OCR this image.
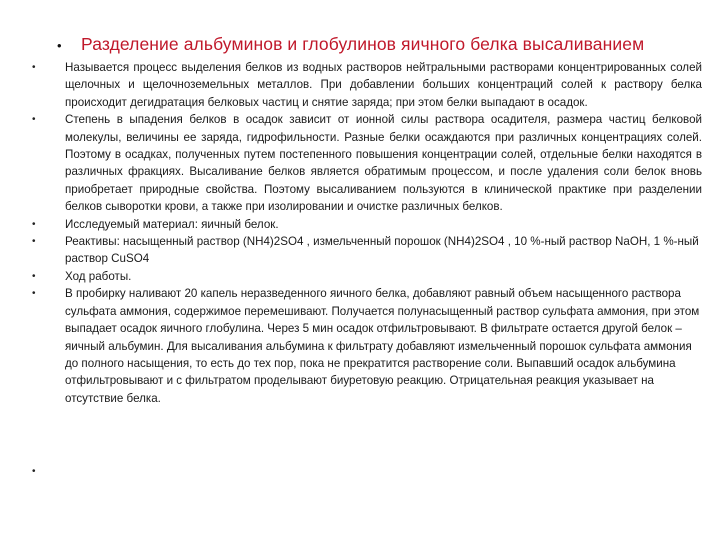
•	Разделение альбуминов и глобулинов яичного белка высаливанием
•	Называется процесс выделения белков из водных растворов нейтральными растворами концентрированных солей щелочных и щелочноземельных металлов. При добавлении больших концентраций солей к раствору белка происходит дегидратация белковых частиц и снятие заряда; при этом белки выпадают в осадок.
•	Степень в ыпадения белков в осадок зависит от ионной силы раствора осадителя, размера частиц белковой молекулы, величины ее заряда, гидрофильности. Разные белки осаждаются при различных концентрациях солей. Поэтому в осадках, полученных путем постепенного повышения концентрации солей, отдельные белки находятся в различных фракциях. Высаливание белков является обратимым процессом, и после удаления соли белок вновь приобретает природные свойства. Поэтому высаливанием пользуются в клинической практике при разделении белков сыворотки крови, а также при изолировании и очистке различных белков.
•	Исследуемый материал: яичный белок.
•	Реактивы: насыщенный раствор (NH4)2SO4 , измельченный порошок (NH4)2SO4 , 10 %-ный раствор NaOH, 1 %-ный раствор CuSO4
•	Ход работы.
•	В пробирку наливают 20 капель неразведенного яичного белка, добавляют равный объем насыщенного раствора сульфата аммония, содержимое перемешивают. Получается полунасыщенный раствор сульфата аммония, при этом выпадает осадок яичного глобулина. Через 5 мин осадок отфильтровывают. В фильтрате остается другой белок – яичный альбумин. Для высаливания альбумина к фильтрату добавляют измельченный порошок сульфата аммония до полного насыщения, то есть до тех пор, пока не прекратится растворение соли. Выпавший осадок альбумина отфильтровывают и с фильтратом проделывают биуретовую реакцию. Отрицательная реакция указывает на отсутствие белка.
•
